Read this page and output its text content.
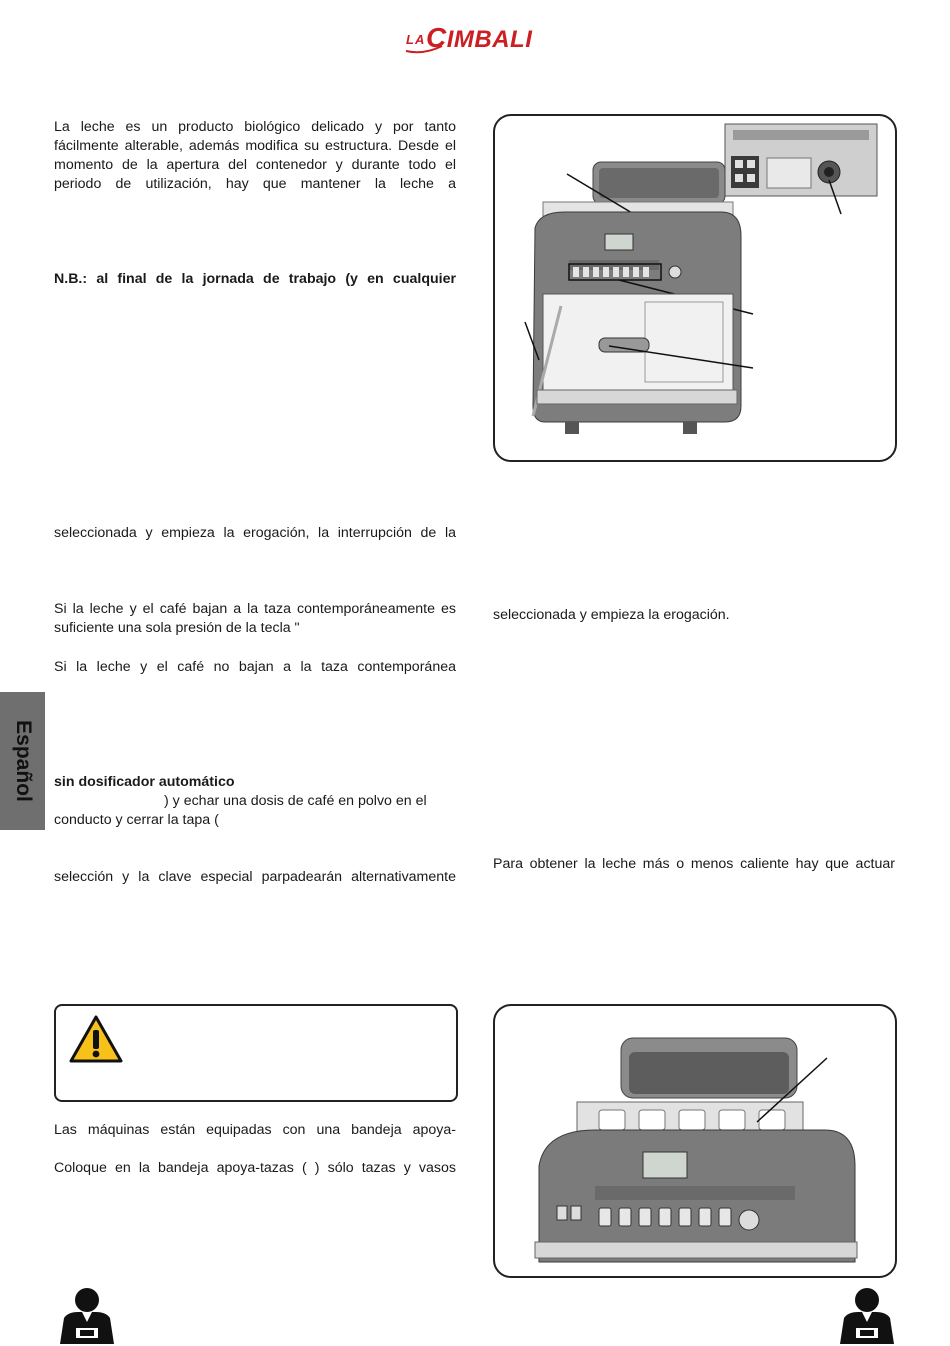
LA CIMBALI

La leche es un producto biológico delicado y por tanto fácilmente alterable, además modifica su estructura. Desde el momento de la apertura del contenedor y durante todo el periodo de utilización, hay que mantener la leche a

N.B.: al final de la jornada de trabajo (y en cualquier

seleccionada y empieza la erogación, la interrupción de la

Si la leche y el café bajan a la taza contemporáneamente es suficiente una sola presión de la tecla "

Si la leche y el café no bajan a la taza contemporánea

sin dosificador automático

) y echar una dosis de café en polvo en el

conducto y cerrar la tapa (

selección y la clave especial parpadearán alternativamente

Las máquinas están equipadas con una bandeja apoya-

Coloque en la bandeja apoya-tazas ( ) sólo tazas y vasos

seleccionada y empieza la erogación.

Para obtener la leche más o menos caliente hay que actuar

Español
